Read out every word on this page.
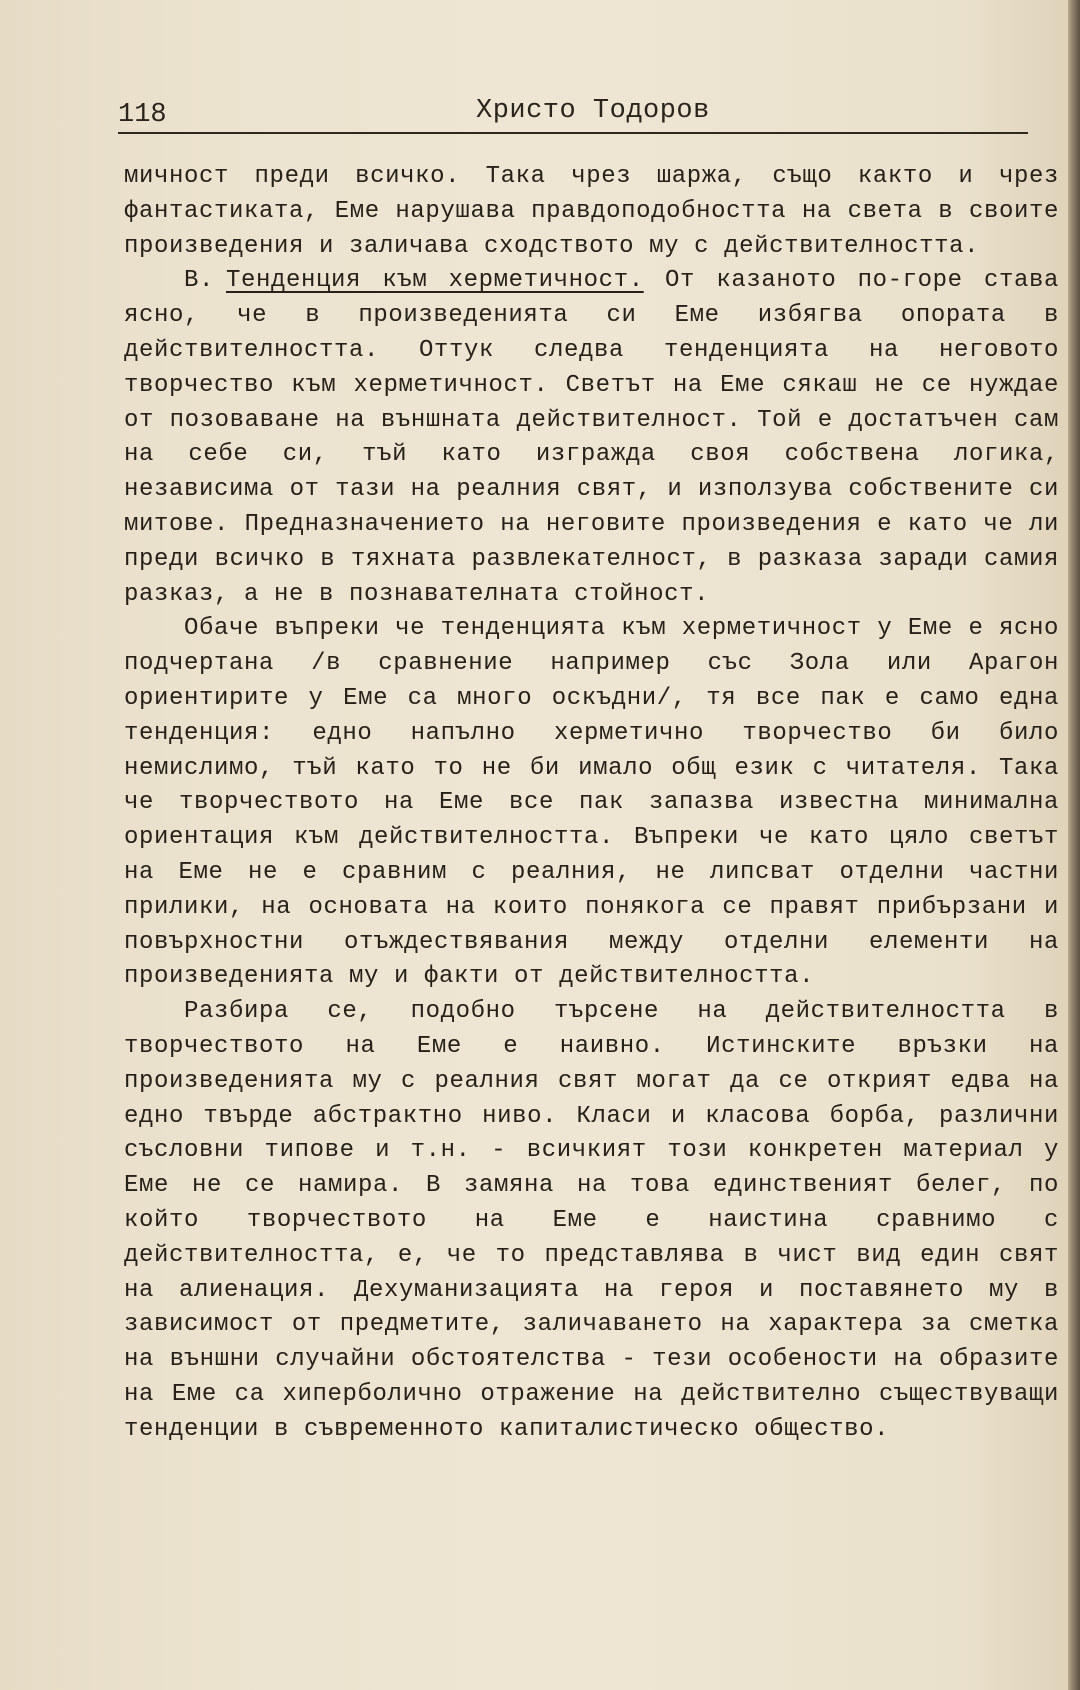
118	Христо Тодоров

мичност преди всичко. Така чрез шаржа, също както и чрез фантастиката, Еме нарушава правдоподобността на света в своите произведения и заличава сходството му с действителността.

В. Тенденция към херметичност. От казаното по-горе става ясно, че в произведенията си Еме избягва опората в действителността. Оттук следва тенденцията на неговото творчество към херметичност. Светът на Еме сякаш не се нуждае от позоваване на външната действителност. Той е достатъчен сам на себе си, тъй като изгражда своя собствена логика, независима от тази на реалния свят, и използува собствените си митове. Предназначението на неговите произведения е като че ли преди всичко в тяхната развлекателност, в разказа заради самия разказ, а не в познавателната стойност.

Обаче въпреки че тенденцията към херметичност у Еме е ясно подчертана /в сравнение например със Зола или Арагон ориентирите у Еме са много оскъдни/, тя все пак е само една тенденция: едно напълно херметично творчество би било немислимо, тъй като то не би имало общ език с читателя. Така че творчеството на Еме все пак запазва известна минимална ориентация към действителността. Въпреки че като цяло светът на Еме не е сравним с реалния, не липсват отделни частни прилики, на основата на които понякога се правят прибързани и повърхностни отъждествявания между отделни елементи на произведенията му и факти от действителността.

Разбира се, подобно търсене на действителността в творчеството на Еме е наивно. Истинските връзки на произведенията му с реалния свят могат да се открият едва на едно твърде абстрактно ниво. Класи и класова борба, различни съсловни типове и т.н. - всичкият този конкретен материал у Еме не се намира. В замяна на това единственият белег, по който творчеството на Еме е наистина сравнимо с действителността, е, че то представлява в чист вид един свят на алиенация. Дехуманизацията на героя и поставянето му в зависимост от предметите, заличаването на характера за сметка на външни случайни обстоятелства - тези особености на образите на Еме са хиперболично отражение на действително съществуващи тенденции в съвременното капиталистическо общество.
